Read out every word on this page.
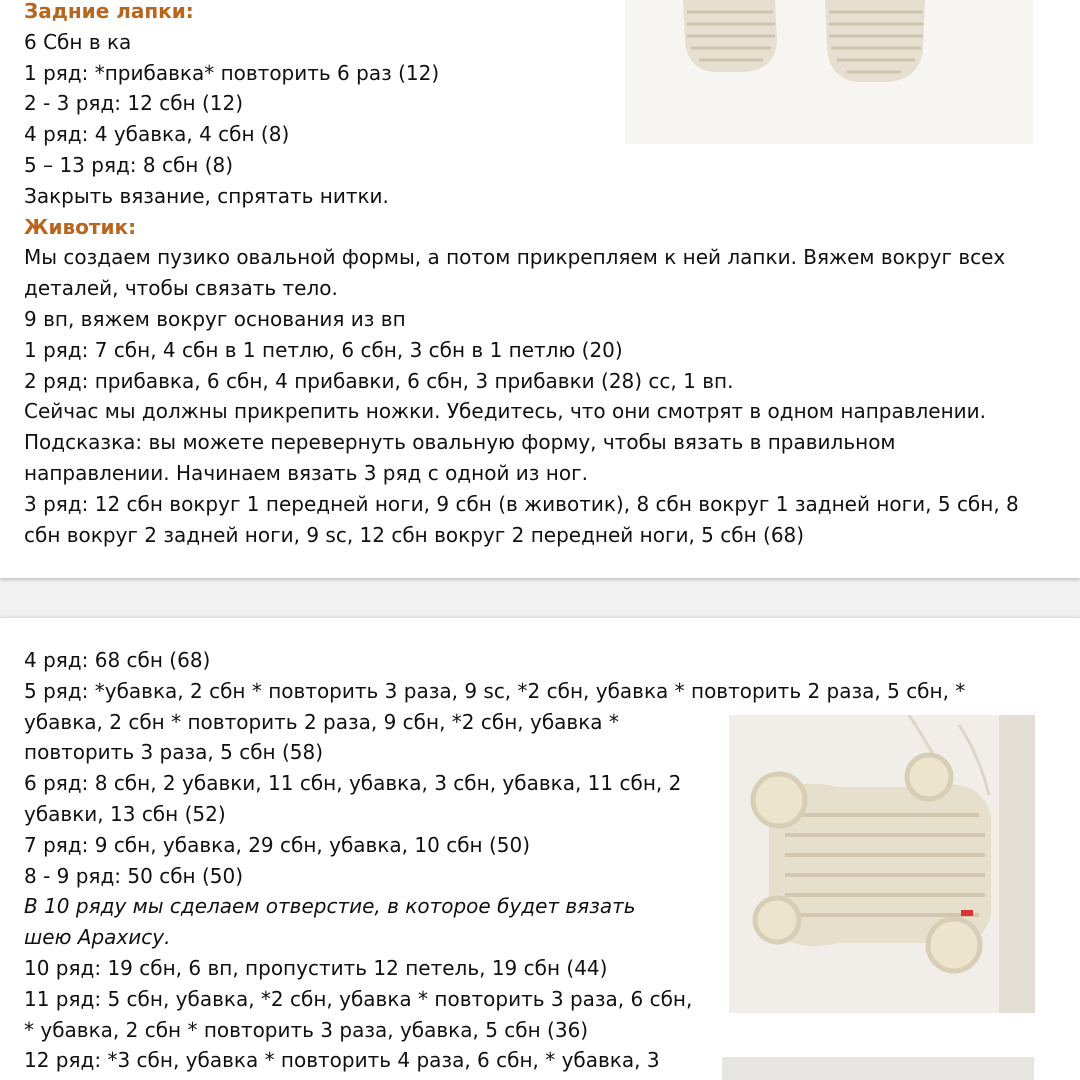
Задние лапки:
6 Сбн в ка
1 ряд: *прибавка* повторить 6 раз (12)
2 - 3 ряд: 12 сбн (12)
4 ряд: 4 убавка, 4 сбн (8)
5 – 13 ряд: 8 сбн (8)
Закрыть вязание, спрятать нитки.
Животик:
Мы создаем пузико овальной формы, а потом прикрепляем к ней лапки. Вяжем вокруг всех
деталей, чтобы связать тело.
9 вп, вяжем вокруг основания из вп
1 ряд: 7 сбн, 4 сбн в 1 петлю, 6 сбн, 3 сбн в 1 петлю (20)
2 ряд: прибавка, 6 сбн, 4 прибавки, 6 сбн, 3 прибавки (28) сс, 1 вп.
Сейчас мы должны прикрепить ножки. Убедитесь, что они смотрят в одном направлении.
Подсказка: вы можете перевернуть овальную форму, чтобы вязать в правильном
направлении. Начинаем вязать 3 ряд с одной из ног.
3 ряд: 12 сбн вокруг 1 передней ноги, 9 сбн (в животик), 8 сбн вокруг 1 задней ноги, 5 сбн, 8
сбн вокруг 2 задней ноги, 9 sc, 12 сбн вокруг 2 передней ноги, 5 сбн (68)
4 ряд: 68 сбн (68)
5 ряд: *убавка, 2 сбн * повторить 3 раза, 9 sc, *2 сбн, убавка * повторить 2 раза, 5 сбн, *
убавка, 2 сбн * повторить 2 раза, 9 сбн, *2 сбн, убавка *
повторить 3 раза, 5 сбн (58)
6 ряд: 8 сбн, 2 убавки, 11 сбн, убавка, 3 сбн, убавка, 11 сбн, 2
убавки, 13 сбн (52)
7 ряд: 9 сбн, убавка, 29 сбн, убавка, 10 сбн (50)
8 - 9 ряд: 50 сбн (50)
В 10 ряду мы сделаем отверстие, в которое будет вязать
шею Арахису.
10 ряд: 19 сбн, 6 вп, пропустить 12 петель, 19 сбн (44)
11 ряд: 5 сбн, убавка, *2 сбн, убавка * повторить 3 раза, 6 сбн,
* убавка, 2 сбн * повторить 3 раза, убавка, 5 сбн (36)
12 ряд: *3 сбн, убавка * повторить 4 раза, 6 сбн, * убавка, 3
